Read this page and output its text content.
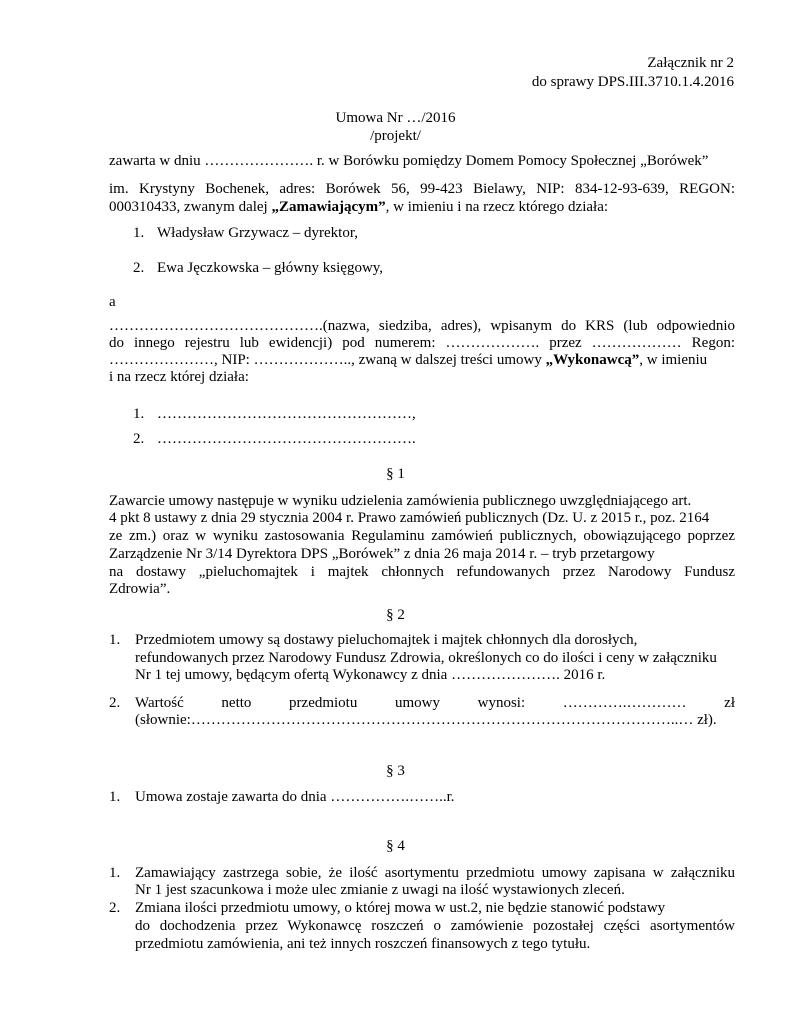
Załącznik nr 2
do sprawy DPS.III.3710.1.4.2016
Umowa Nr …/2016
/projekt/
zawarta w dniu …………………. r. w Borówku pomiędzy Domem Pomocy Społecznej „Borówek”
im. Krystyny Bochenek, adres: Borówek 56, 99-423 Bielawy, NIP: 834-12-93-639, REGON:
000310433, zwanym dalej „Zamawiającym”, w imieniu i na rzecz którego działa:
1. Władysław Grzywacz – dyrektor,
2. Ewa Jęczkowska – główny księgowy,
a
…………………………………….(nazwa, siedziba, adres), wpisanym do KRS (lub odpowiednio
do innego rejestru lub ewidencji) pod numerem: ………………. przez ……………… Regon:
…………………, NIP: ……………….., zwaną w dalszej treści umowy „Wykonawcą”, w imieniu
i na rzecz której działa:
1. ……………………………………………,
2. …………………………………………….
§ 1
Zawarcie umowy następuje w wyniku udzielenia zamówienia publicznego uwzględniającego art.
4 pkt 8 ustawy z dnia 29 stycznia 2004 r. Prawo zamówień publicznych (Dz. U. z 2015 r., poz. 2164
ze zm.) oraz w wyniku zastosowania Regulaminu zamówień publicznych, obowiązującego poprzez
Zarządzenie Nr 3/14 Dyrektora DPS „Borówek” z dnia 26 maja 2014 r. – tryb przetargowy
na dostawy „pieluchomajtek i majtek chłonnych refundowanych przez Narodowy Fundusz
Zdrowia”.
§ 2
1. Przedmiotem umowy są dostawy pieluchomajtek i majtek chłonnych dla dorosłych,
refundowanych przez Narodowy Fundusz Zdrowia, określonych co do ilości i ceny w załączniku
Nr 1 tej umowy, będącym ofertą Wykonawcy z dnia …………………. 2016 r.
2. Wartość netto przedmiotu umowy wynosi: ………….………… zł
(słownie:……………………………………………………………………………………..… zł).
§ 3
1. Umowa zostaje zawarta do dnia …………….……..r.
§ 4
1. Zamawiający zastrzega sobie, że ilość asortymentu przedmiotu umowy zapisana w załączniku
Nr 1 jest szacunkowa i może ulec zmianie z uwagi na ilość wystawionych zleceń.
2. Zmiana ilości przedmiotu umowy, o której mowa w ust.2, nie będzie stanowić podstawy
do dochodzenia przez Wykonawcę roszczeń o zamówienie pozostałej części asortymentów
przedmiotu zamówienia, ani też innych roszczeń finansowych z tego tytułu.
